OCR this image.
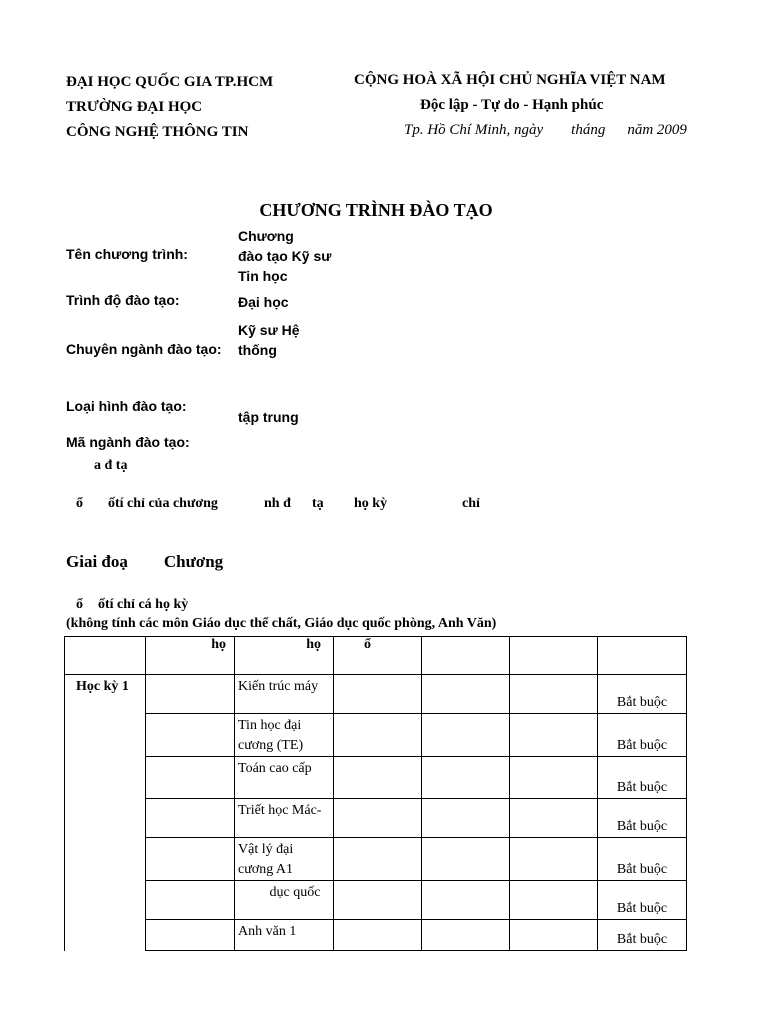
ĐẠI HỌC QUỐC GIA TP.HCM
TRƯỜNG ĐẠI HỌC
CÔNG NGHỆ THÔNG TIN
CỘNG HOÀ XÃ HỘI CHỦ NGHĨA VIỆT NAM
Độc lập - Tự do - Hạnh phúc
Tp. Hồ Chí Minh, ngày tháng năm 2009
CHƯƠNG TRÌNH ĐÀO TẠO
Tên chương trình:
Chương
đào tạo Kỹ sư
Tin học
Trình độ đào tạo:	Đại học
Chuyên ngành đào tạo:
Kỹ sư Hệ
thống
Loại hình đào tạo:
tập trung
Mã ngành đào tạo:
a đ tạ
ổ ốtí chỉ của chương	nh đ tạ họ kỳ	chỉ
Giai đoạ Chương
ổ ốtí chỉ cá họ kỳ
(không tính các môn Giáo dục thể chất, Giáo dục quốc phòng, Anh Văn)
	họ	họ	ổ			
Học kỳ 1		Kiến trúc máy				Bắt buộc

		Tin học đại
cương (TE)				Bắt buộc

		Toán cao cấp				Bắt buộc

		Triết học Mác-				Bắt buộc

		Vật lý đại
cương A1				Bắt buộc

		dục quốc				Bắt buộc

		Anh văn 1				Bắt buộc
